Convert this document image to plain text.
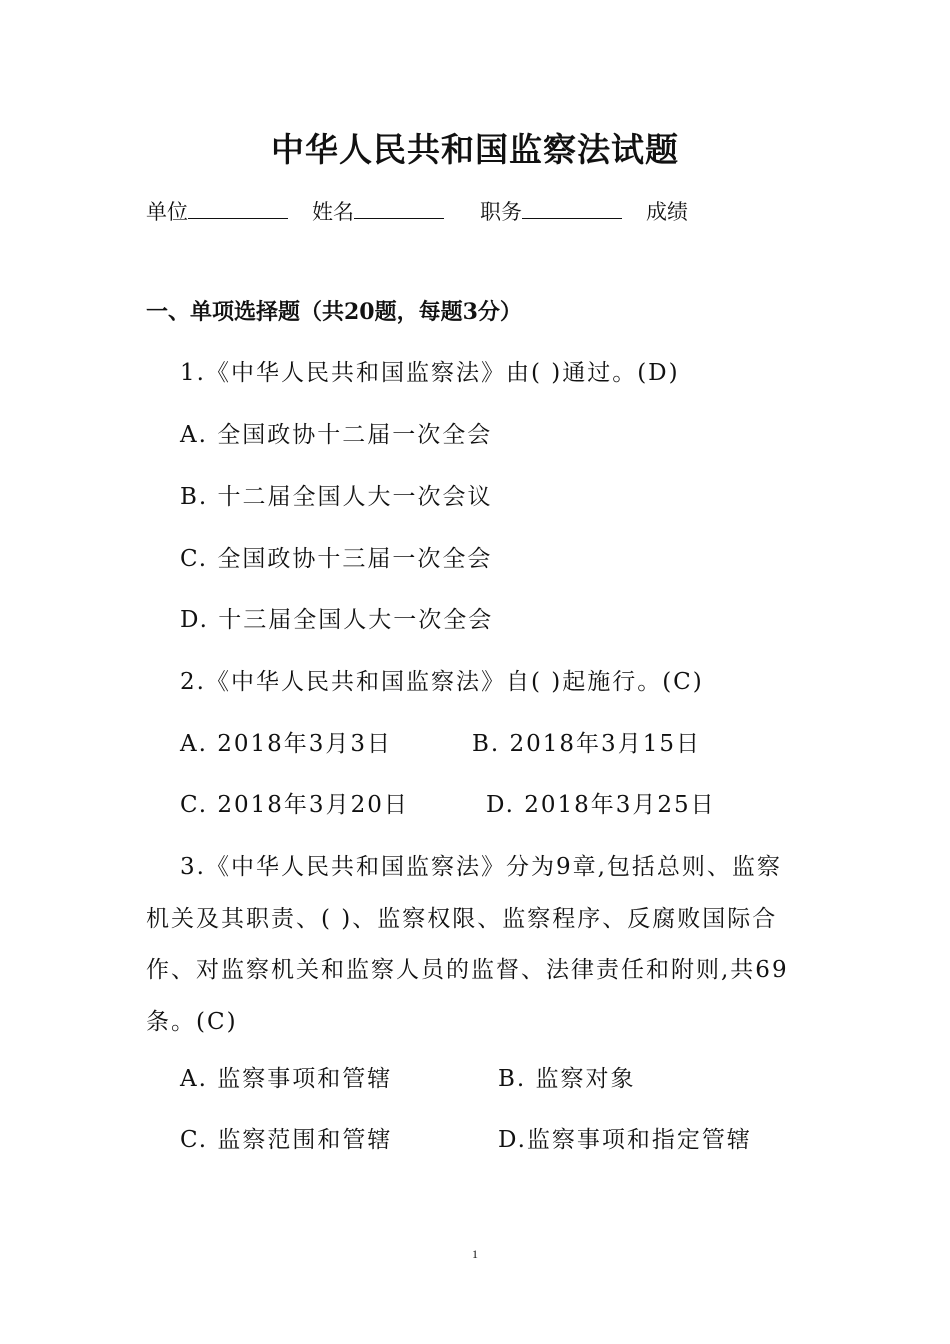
中华人民共和国监察法试题
单位	姓名	职务	成绩
一、单项选择题（共20题，每题3分）
1.《中华人民共和国监察法》由( )通过。(D)
A. 全国政协十二届一次全会
B. 十二届全国人大一次会议
C. 全国政协十三届一次全会
D. 十三届全国人大一次全会
2.《中华人民共和国监察法》自( )起施行。(C)
A. 2018年3月3日	B. 2018年3月15日
C. 2018年3月20日	D. 2018年3月25日
3.《中华人民共和国监察法》分为9章,包括总则、监察机关及其职责、( )、监察权限、监察程序、反腐败国际合作、对监察机关和监察人员的监督、法律责任和附则,共69条。(C)
A. 监察事项和管辖	B. 监察对象
C. 监察范围和管辖	D.监察事项和指定管辖
1
